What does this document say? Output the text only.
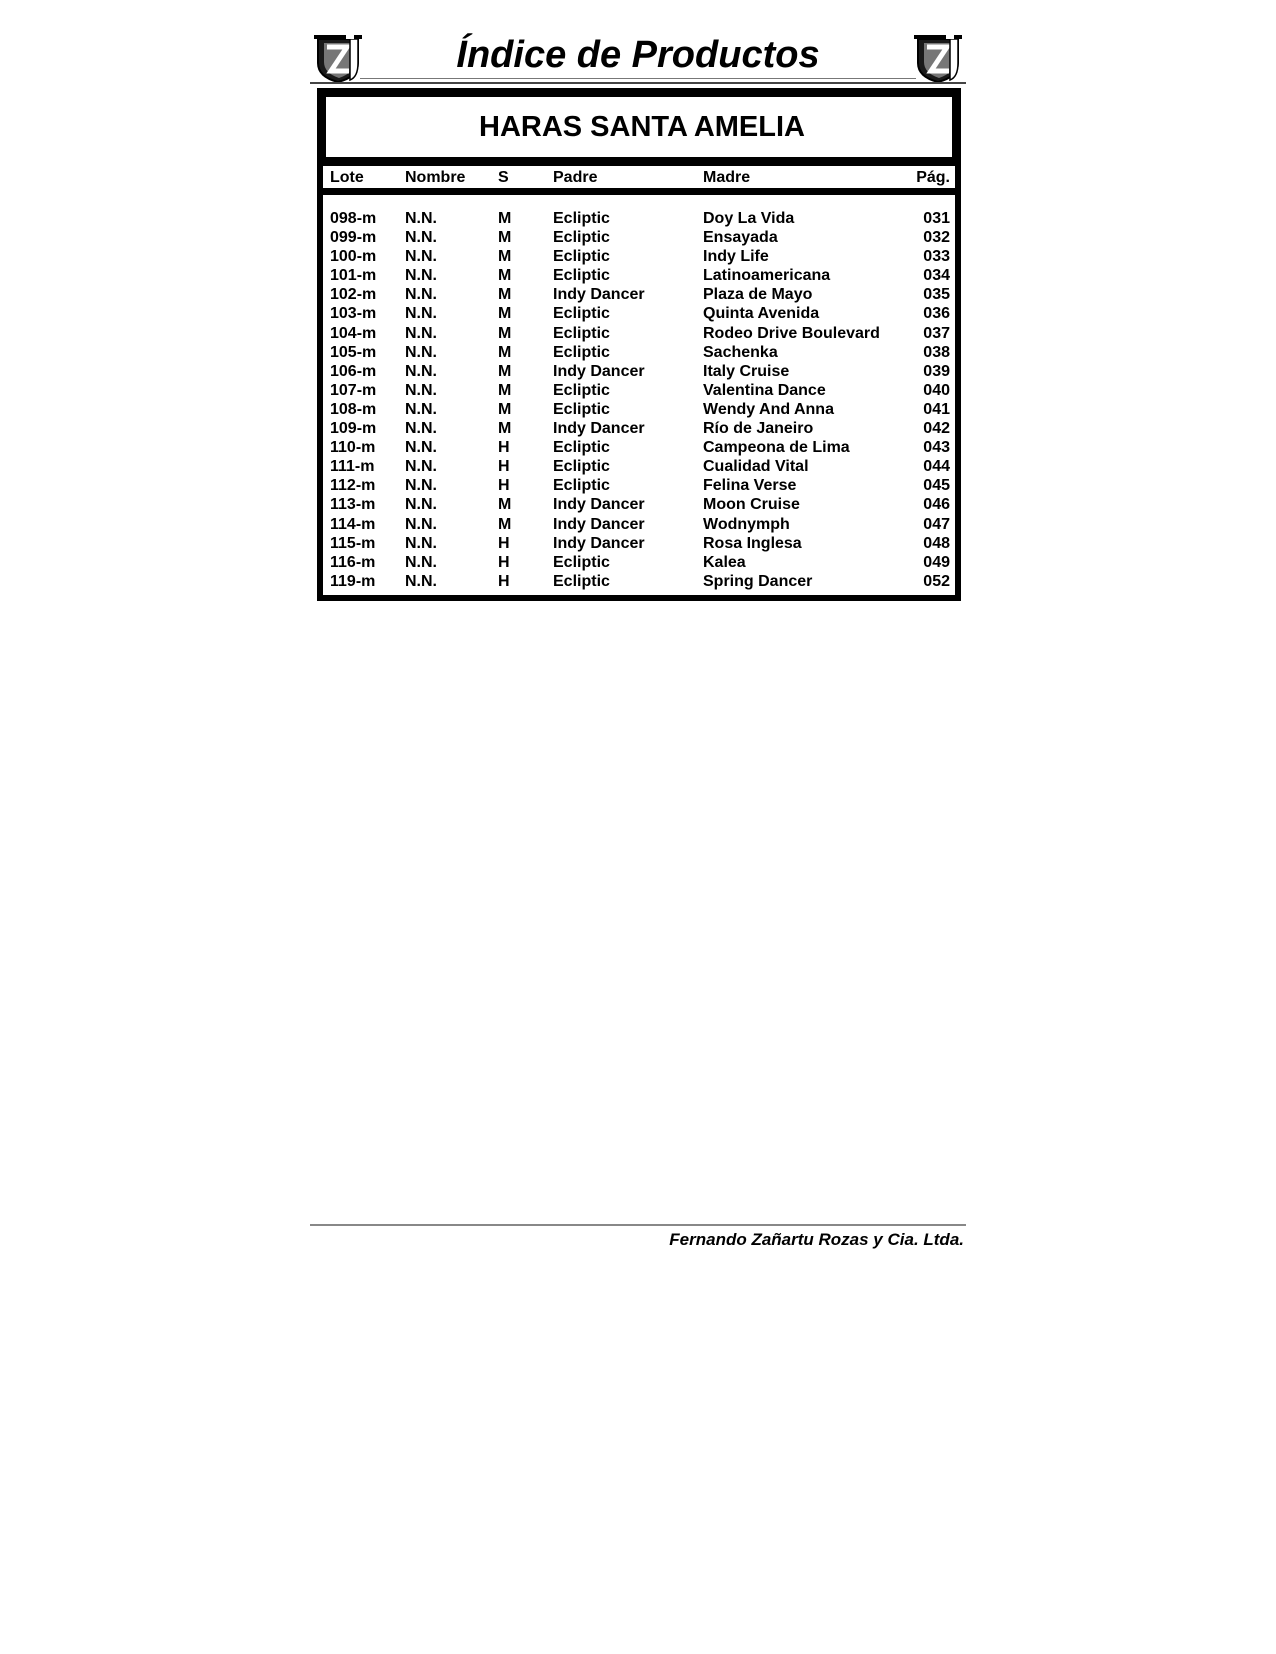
Índice de Productos
HARAS SANTA AMELIA
Lote	Nombre S	Padre	Madre	Pág.
098-m N.N.	M	Ecliptic	Doy La Vida	031
099-m N.N.	M	Ecliptic	Ensayada	032
100-m N.N.	M	Ecliptic	Indy Life	033
101-m N.N.	M	Ecliptic	Latinoamericana	034
102-m N.N.	M	Indy Dancer	Plaza de Mayo	035
103-m N.N.	M	Ecliptic	Quinta Avenida	036
104-m N.N.	M	Ecliptic	Rodeo Drive Boulevard	037
105-m N.N.	M	Ecliptic	Sachenka	038
106-m N.N.	M	Indy Dancer	Italy Cruise	039
107-m N.N.	M	Ecliptic	Valentina Dance	040
108-m N.N.	M	Ecliptic	Wendy And Anna	041
109-m N.N.	M	Indy Dancer	Río de Janeiro	042
110-m N.N.	H	Ecliptic	Campeona de Lima	043
111-m N.N.	H	Ecliptic	Cualidad Vital	044
112-m N.N.	H	Ecliptic	Felina Verse	045
113-m N.N.	M	Indy Dancer	Moon Cruise	046
114-m N.N.	M	Indy Dancer	Wodnymph	047
115-m N.N.	H	Indy Dancer	Rosa Inglesa	048
116-m N.N.	H	Ecliptic	Kalea	049
119-m N.N.	H	Ecliptic	Spring Dancer	052
Fernando Zañartu Rozas y Cia. Ltda.
